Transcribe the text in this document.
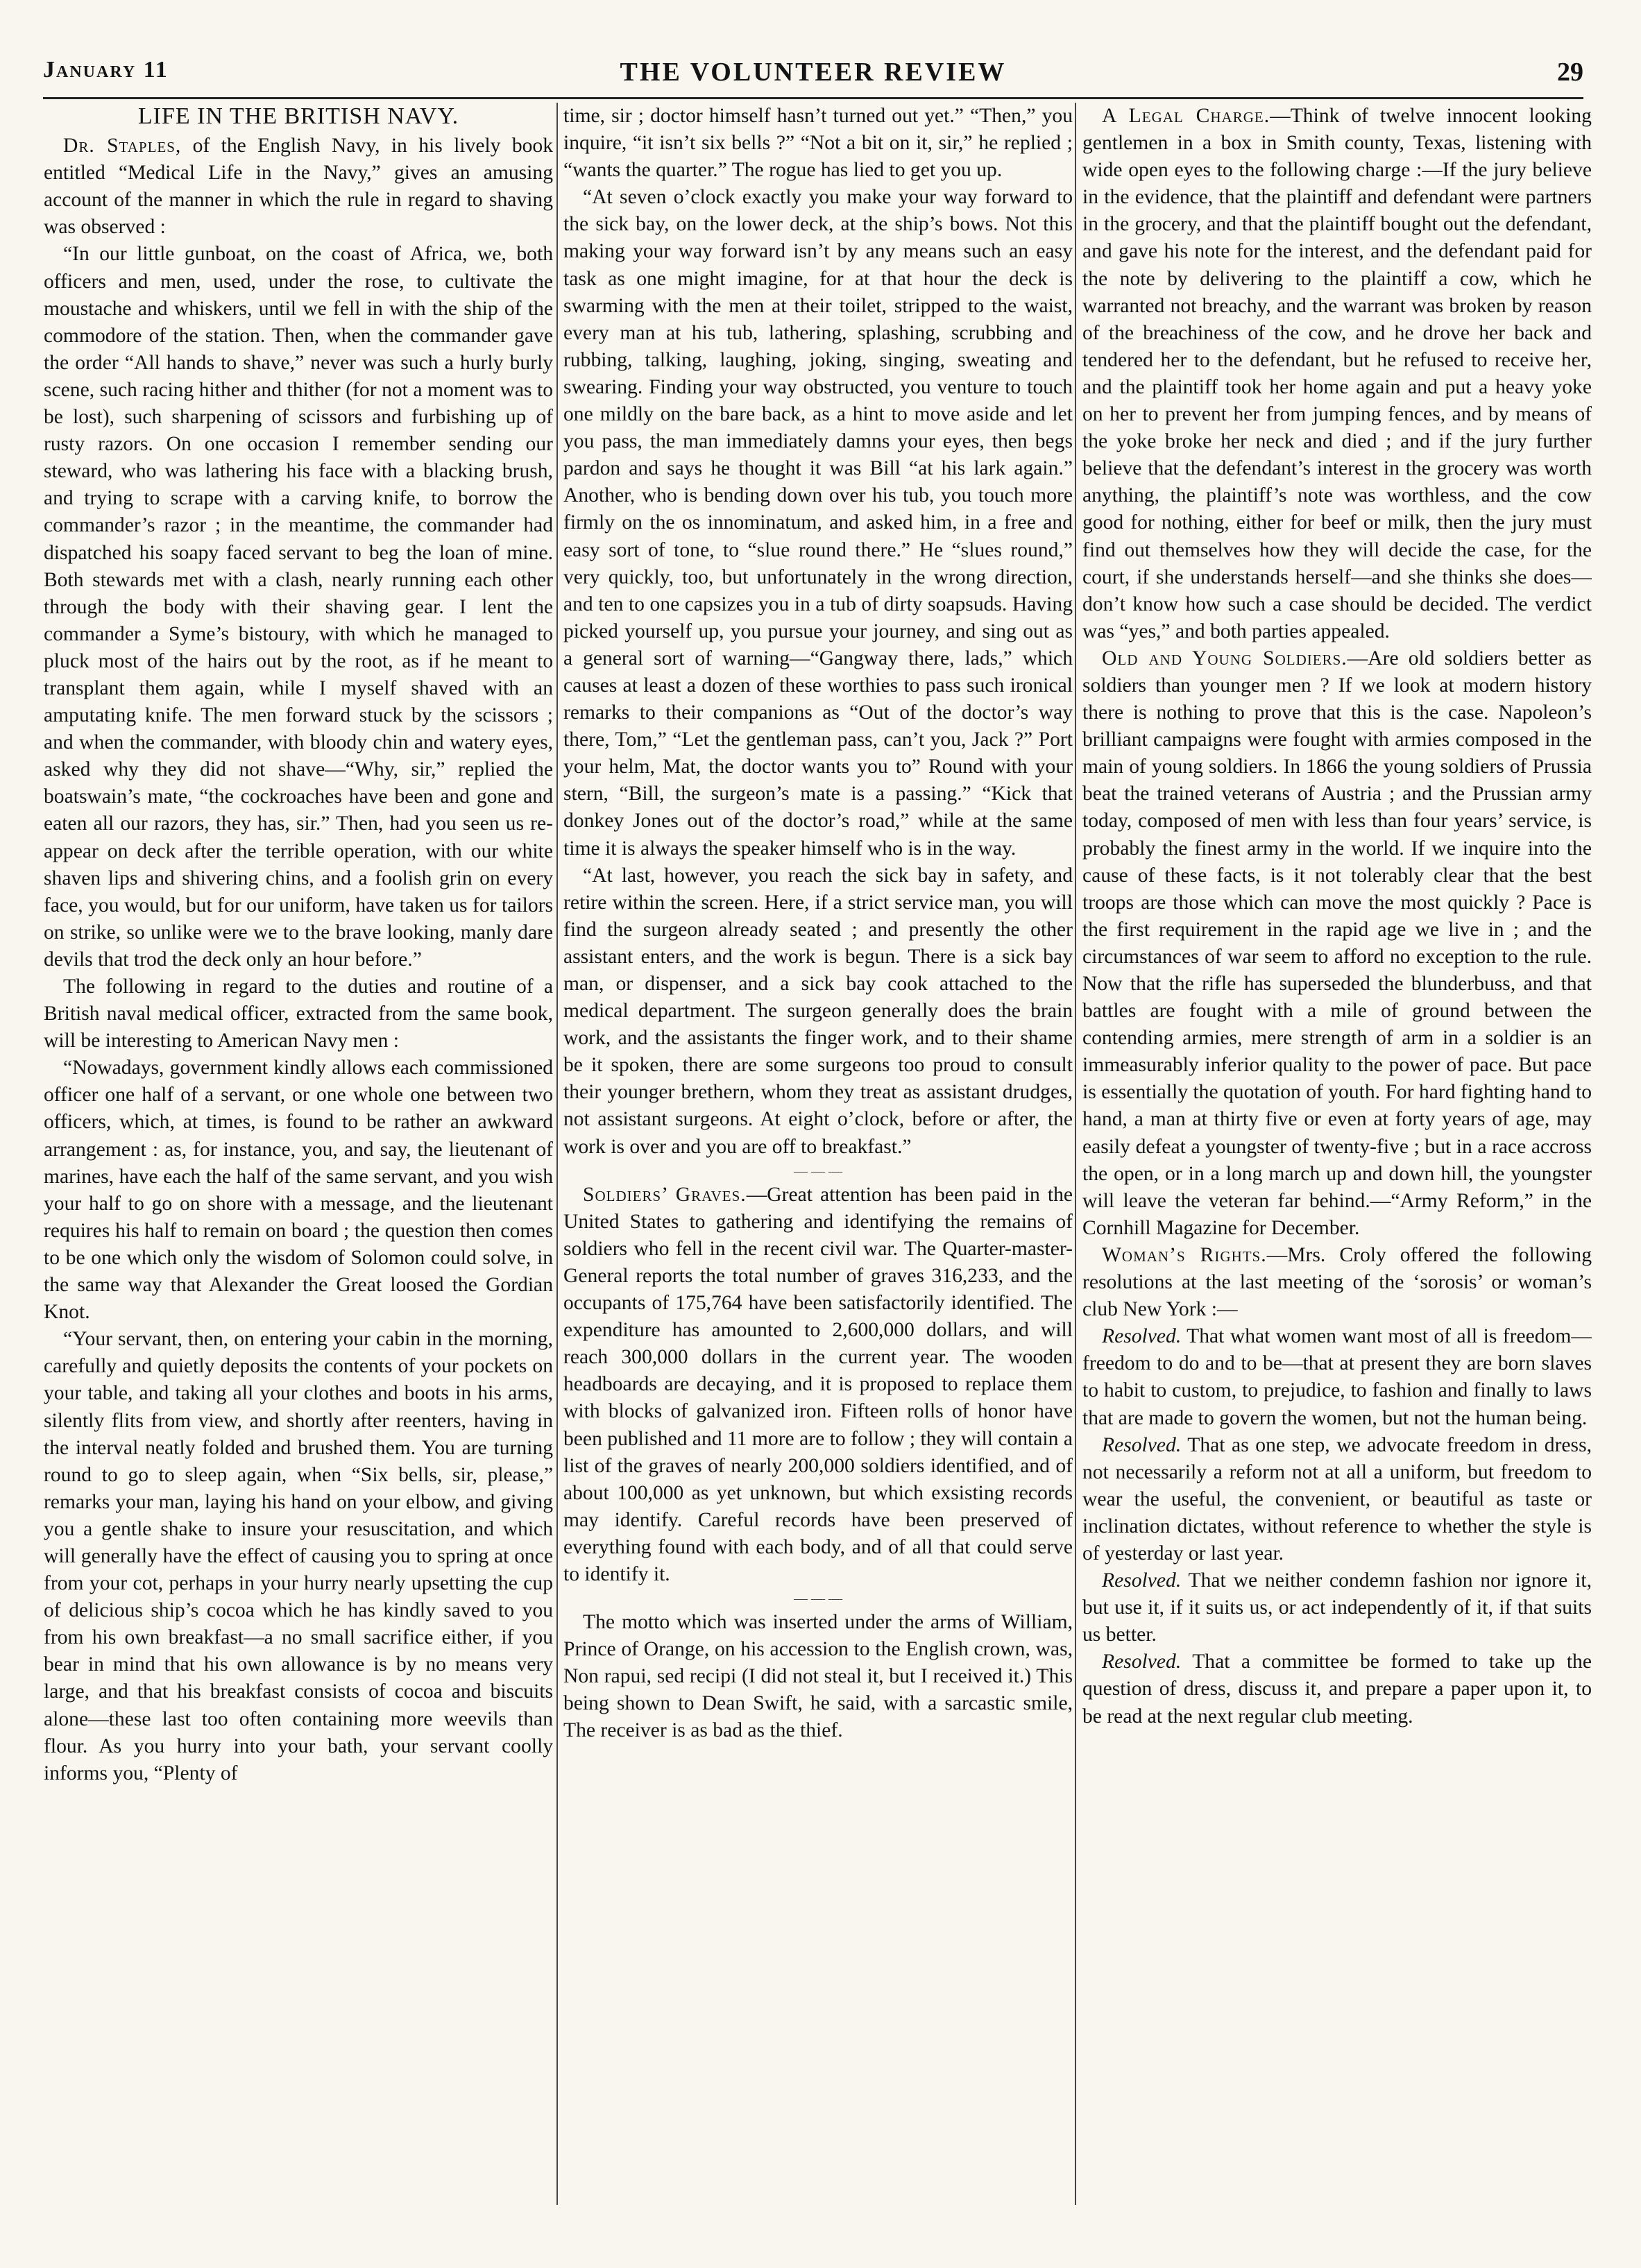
January 11	THE VOLUNTEER REVIEW	29

LIFE IN THE BRITISH NAVY.

Dr. Staples, of the English Navy, in his lively book entitled “Medical Life in the Navy,” gives an amusing account of the manner in which the rule in regard to shaving was observed :

“In our little gunboat, on the coast of Africa, we, both officers and men, used, under the rose, to cultivate the moustache and whiskers, until we fell in with the ship of the commodore of the station. Then, when the commander gave the order “All hands to shave,” never was such a hurly burly scene, such racing hither and thither (for not a moment was to be lost), such sharpening of scissors and furbishing up of rusty razors. On one occasion I remember sending our steward, who was lathering his face with a blacking brush, and trying to scrape with a carving knife, to borrow the commander’s razor ; in the meantime, the commander had dispatched his soapy faced servant to beg the loan of mine. Both stewards met with a clash, nearly running each other through the body with their shaving gear. I lent the commander a Syme’s bistoury, with which he managed to pluck most of the hairs out by the root, as if he meant to transplant them again, while I myself shaved with an amputating knife. The men forward stuck by the scissors ; and when the commander, with bloody chin and watery eyes, asked why they did not shave—“Why, sir,” replied the boatswain’s mate, “the cockroaches have been and gone and eaten all our razors, they has, sir.” Then, had you seen us re-appear on deck after the terrible operation, with our white shaven lips and shivering chins, and a foolish grin on every face, you would, but for our uniform, have taken us for tailors on strike, so unlike were we to the brave looking, manly dare devils that trod the deck only an hour before.”

The following in regard to the duties and routine of a British naval medical officer, extracted from the same book, will be interesting to American Navy men :

“Nowadays, government kindly allows each commissioned officer one half of a servant, or one whole one between two officers, which, at times, is found to be rather an awkward arrangement : as, for instance, you, and say, the lieutenant of marines, have each the half of the same servant, and you wish your half to go on shore with a message, and the lieutenant requires his half to remain on board ; the question then comes to be one which only the wisdom of Solomon could solve, in the same way that Alexander the Great loosed the Gordian Knot.

“Your servant, then, on entering your cabin in the morning, carefully and quietly deposits the contents of your pockets on your table, and taking all your clothes and boots in his arms, silently flits from view, and shortly after reenters, having in the interval neatly folded and brushed them. You are turning round to go to sleep again, when “Six bells, sir, please,” remarks your man, laying his hand on your elbow, and giving you a gentle shake to insure your resuscitation, and which will generally have the effect of causing you to spring at once from your cot, perhaps in your hurry nearly upsetting the cup of delicious ship’s cocoa which he has kindly saved to you from his own breakfast—a no small sacrifice either, if you bear in mind that his own allowance is by no means very large, and that his breakfast consists of cocoa and biscuits alone—these last too often containing more weevils than flour. As you hurry into your bath, your servant coolly informs you, “Plenty of

time, sir ; doctor himself hasn’t turned out yet.” “Then,” you inquire, “it isn’t six bells ?” “Not a bit on it, sir,” he replied ; “wants the quarter.” The rogue has lied to get you up.

“At seven o’clock exactly you make your way forward to the sick bay, on the lower deck, at the ship’s bows. Not this making your way forward isn’t by any means such an easy task as one might imagine, for at that hour the deck is swarming with the men at their toilet, stripped to the waist, every man at his tub, lathering, splashing, scrubbing and rubbing, talking, laughing, joking, singing, sweating and swearing. Finding your way obstructed, you venture to touch one mildly on the bare back, as a hint to move aside and let you pass, the man immediately damns your eyes, then begs pardon and says he thought it was Bill “at his lark again.” Another, who is bending down over his tub, you touch more firmly on the os innominatum, and asked him, in a free and easy sort of tone, to “slue round there.” He “slues round,” very quickly, too, but unfortunately in the wrong direction, and ten to one capsizes you in a tub of dirty soapsuds. Having picked yourself up, you pursue your journey, and sing out as a general sort of warning—“Gangway there, lads,” which causes at least a dozen of these worthies to pass such ironical remarks to their companions as “Out of the doctor’s way there, Tom,” “Let the gentleman pass, can’t you, Jack ?” Port your helm, Mat, the doctor wants you to” Round with your stern, “Bill, the surgeon’s mate is a passing.” “Kick that donkey Jones out of the doctor’s road,” while at the same time it is always the speaker himself who is in the way.

“At last, however, you reach the sick bay in safety, and retire within the screen. Here, if a strict service man, you will find the surgeon already seated ; and presently the other assistant enters, and the work is begun. There is a sick bay man, or dispenser, and a sick bay cook attached to the medical department. The surgeon generally does the brain work, and the assistants the finger work, and to their shame be it spoken, there are some surgeons too proud to consult their younger brethern, whom they treat as assistant drudges, not assistant surgeons. At eight o’clock, before or after, the work is over and you are off to breakfast.”

— — —

Soldiers’ Graves.—Great attention has been paid in the United States to gathering and identifying the remains of soldiers who fell in the recent civil war. The Quarter-master-General reports the total number of graves 316,233, and the occupants of 175,764 have been satisfactorily identified. The expenditure has amounted to 2,600,000 dollars, and will reach 300,000 dollars in the current year. The wooden headboards are decaying, and it is proposed to replace them with blocks of galvanized iron. Fifteen rolls of honor have been published and 11 more are to follow ; they will contain a list of the graves of nearly 200,000 soldiers identified, and of about 100,000 as yet unknown, but which exsisting records may identify. Careful records have been preserved of everything found with each body, and of all that could serve to identify it.

— — —

The motto which was inserted under the arms of William, Prince of Orange, on his accession to the English crown, was, Non rapui, sed recipi (I did not steal it, but I received it.) This being shown to Dean Swift, he said, with a sarcastic smile, The receiver is as bad as the thief.

A Legal Charge.—Think of twelve innocent looking gentlemen in a box in Smith county, Texas, listening with wide open eyes to the following charge :—If the jury believe in the evidence, that the plaintiff and defendant were partners in the grocery, and that the plaintiff bought out the defendant, and gave his note for the interest, and the defendant paid for the note by delivering to the plaintiff a cow, which he warranted not breachy, and the warrant was broken by reason of the breachiness of the cow, and he drove her back and tendered her to the defendant, but he refused to receive her, and the plaintiff took her home again and put a heavy yoke on her to prevent her from jumping fences, and by means of the yoke broke her neck and died ; and if the jury further believe that the defendant’s interest in the grocery was worth anything, the plaintiff’s note was worthless, and the cow good for nothing, either for beef or milk, then the jury must find out themselves how they will decide the case, for the court, if she understands herself—and she thinks she does—don’t know how such a case should be decided. The verdict was “yes,” and both parties appealed.

Old and Young Soldiers.—Are old soldiers better as soldiers than younger men ? If we look at modern history there is nothing to prove that this is the case. Napoleon’s brilliant campaigns were fought with armies composed in the main of young soldiers. In 1866 the young soldiers of Prussia beat the trained veterans of Austria ; and the Prussian army today, composed of men with less than four years’ service, is probably the finest army in the world. If we inquire into the cause of these facts, is it not tolerably clear that the best troops are those which can move the most quickly ? Pace is the first requirement in the rapid age we live in ; and the circumstances of war seem to afford no exception to the rule. Now that the rifle has superseded the blunderbuss, and that battles are fought with a mile of ground between the contending armies, mere strength of arm in a soldier is an immeasurably inferior quality to the power of pace. But pace is essentially the quotation of youth. For hard fighting hand to hand, a man at thirty five or even at forty years of age, may easily defeat a youngster of twenty-five ; but in a race accross the open, or in a long march up and down hill, the youngster will leave the veteran far behind.—“Army Reform,” in the Cornhill Magazine for December.

Woman’s Rights.—Mrs. Croly offered the following resolutions at the last meeting of the ‘sorosis’ or woman’s club New York :—

Resolved. That what women want most of all is freedom—freedom to do and to be—that at present they are born slaves to habit to custom, to prejudice, to fashion and finally to laws that are made to govern the women, but not the human being.

Resolved. That as one step, we advocate freedom in dress, not necessarily a reform not at all a uniform, but freedom to wear the useful, the convenient, or beautiful as taste or inclination dictates, without reference to whether the style is of yesterday or last year.

Resolved. That we neither condemn fashion nor ignore it, but use it, if it suits us, or act independently of it, if that suits us better.

Resolved. That a committee be formed to take up the question of dress, discuss it, and prepare a paper upon it, to be read at the next regular club meeting.
